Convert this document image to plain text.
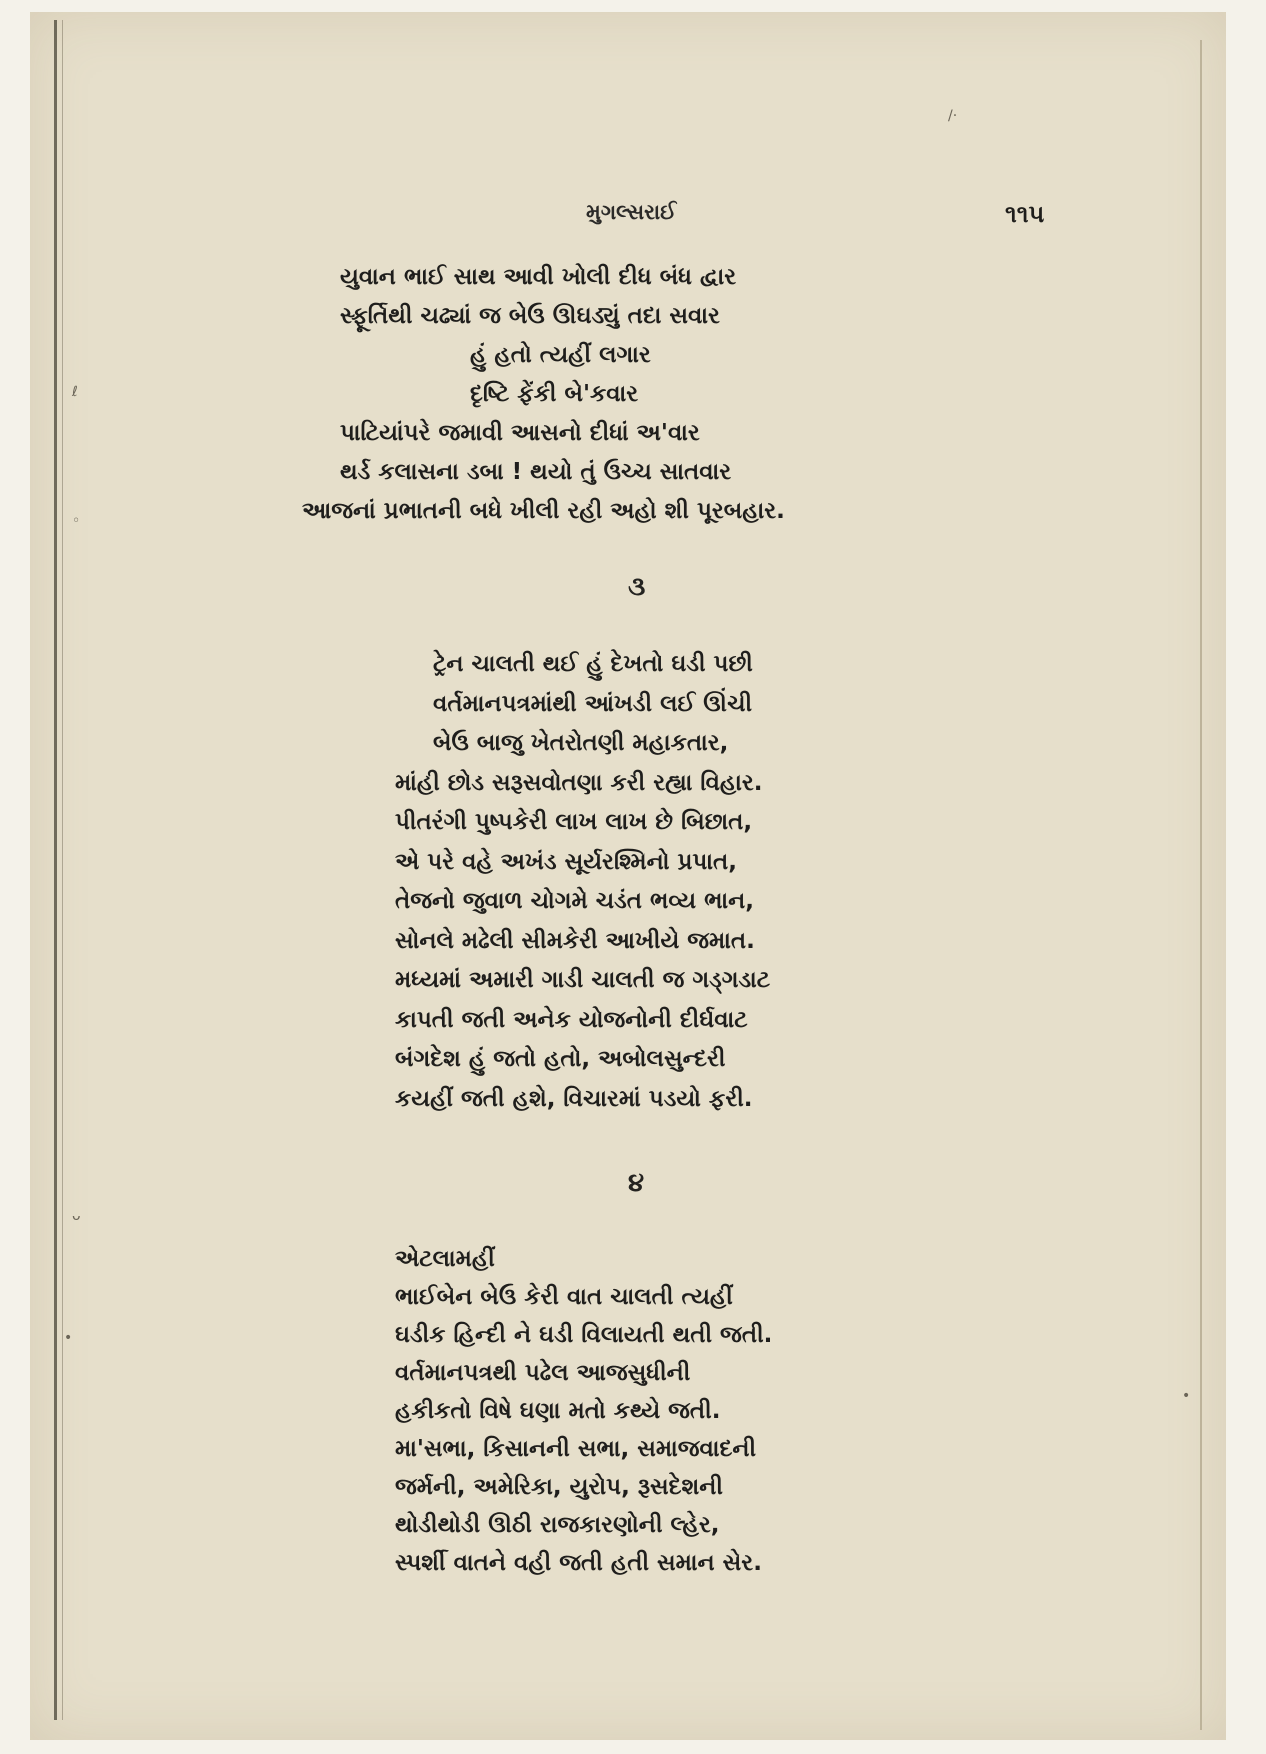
મુગલ્સરાઈ	૧૧૫
યુવાન ભાઈ સાથ આવી ખોલી દીધ બંધ દ્વાર
સ્ફૂર્તિથી ચઢ્યાં જ બેઉ ઊઘડ્યું તદા સવાર
હું હતો ત્યહીં લગાર
દૃષ્ટિ ફેંકી બે'કવાર
પાટિયાંપરે જમાવી આસનો દીધાં અ'વાર
થર્ડ કલાસના ડબા ! થયો તું ઉચ્ચ સાતવાર
આજનાં પ્રભાતની બધે ખીલી રહી અહો શી પૂરબહાર.
૩
ટ્રેન ચાલતી થઈ હું દેખતો ઘડી પછી
વર્તમાનપત્રમાંથી આંખડી લઈ ઊંચી
બેઉ બાજુ ખેતરોતણી મહાકતાર,
માંહી છોડ સરૂસવોતણા કરી રહ્યા વિહાર.
પીતરંગી પુષ્પકેરી લાખ લાખ છે બિછાત,
એ પરે વહે અખંડ સૂર્યરશ્મિનો પ્રપાત,
તેજનો જુવાળ ચોગમે ચડંત ભવ્ય ભાન,
સોનલે મઢેલી સીમકેરી આખીયે જમાત.
મધ્યમાં અમારી ગાડી ચાલતી જ ગડ્ગડાટ
કાપતી જતી અનેક યોજનોની દીર્ઘવાટ
બંગદેશ હું જતો હતો, અબોલસુન્દરી
કયહીં જતી હશે, વિચારમાં પડયો ફરી.
૪
એટલામહીં
ભાઈબેન બેઉ કેરી વાત ચાલતી ત્યહીં
ઘડીક હિન્દી ને ઘડી વિલાયતી થતી જતી.
વર્તમાનપત્રથી પઢેલ આજસુધીની
હકીકતો વિષે ઘણા મતો કથ્યે જતી.
મા'સભા, કિસાનની સભા, સમાજવાદની
જર્મની, અમેરિકા, યુરોપ, રૂસદેશની
થોડીથોડી ઊઠી રાજકારણોની લ્હેર,
સ્પર્શી વાતને વહી જતી હતી સમાન સેર.
ℓ
◦
ᴗ
•
/·
•
